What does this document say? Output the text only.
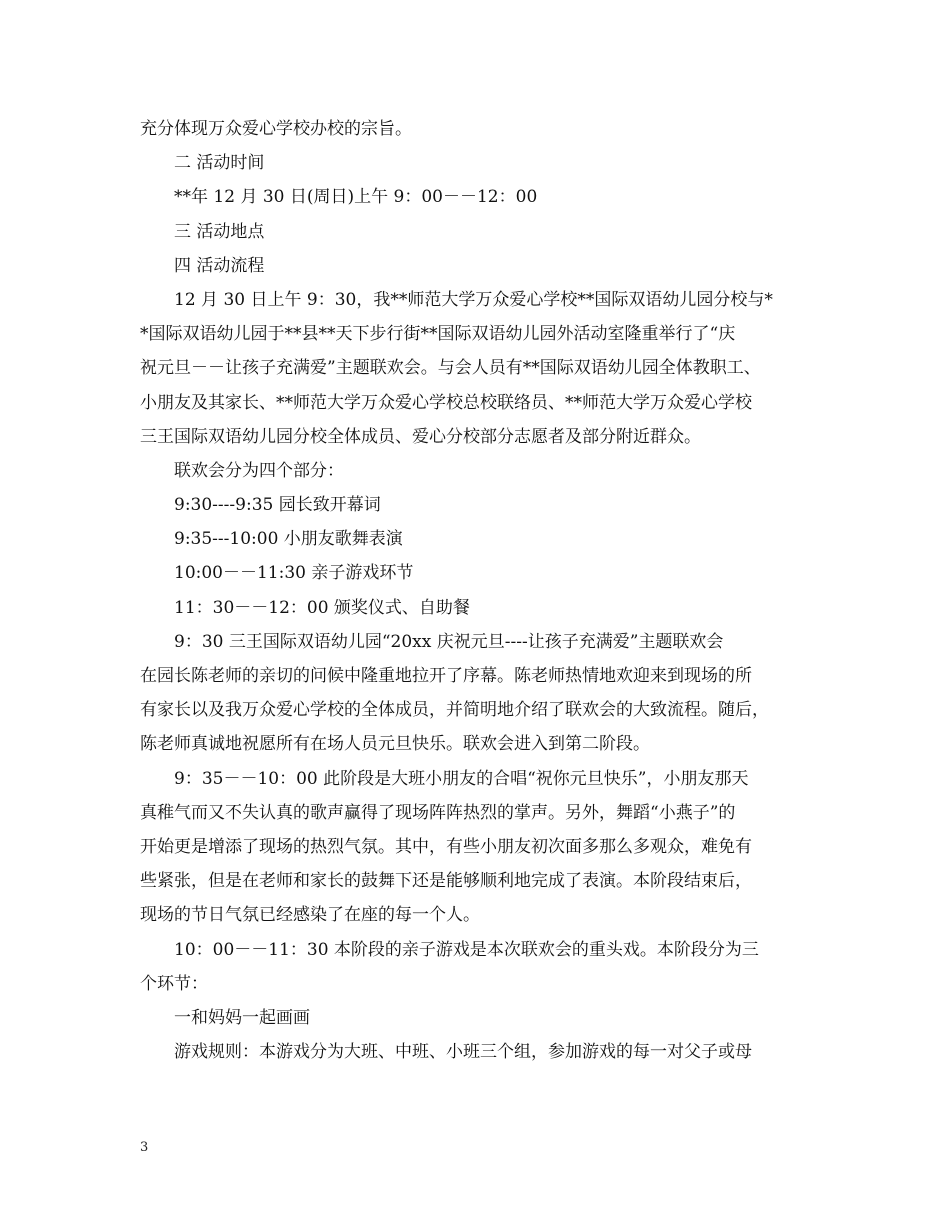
充分体现万众爱心学校办校的宗旨。
二 活动时间
**年 12 月 30 日(周日)上午 9：00－－12：00
三 活动地点
四 活动流程
12 月 30 日上午 9：30，我**师范大学万众爱心学校**国际双语幼儿园分校与*
*国际双语幼儿园于**县**天下步行街**国际双语幼儿园外活动室隆重举行了“庆
祝元旦－－让孩子充满爱”主题联欢会。与会人员有**国际双语幼儿园全体教职工、
小朋友及其家长、**师范大学万众爱心学校总校联络员、**师范大学万众爱心学校
三王国际双语幼儿园分校全体成员、爱心分校部分志愿者及部分附近群众。
联欢会分为四个部分：
9:30----9:35 园长致开幕词
9:35---10:00 小朋友歌舞表演
10:00－－11:30 亲子游戏环节
11：30－－12：00 颁奖仪式、自助餐
9：30 三王国际双语幼儿园“20xx 庆祝元旦----让孩子充满爱”主题联欢会
在园长陈老师的亲切的问候中隆重地拉开了序幕。陈老师热情地欢迎来到现场的所
有家长以及我万众爱心学校的全体成员，并简明地介绍了联欢会的大致流程。随后，
陈老师真诚地祝愿所有在场人员元旦快乐。联欢会进入到第二阶段。
9：35－－10：00 此阶段是大班小朋友的合唱“祝你元旦快乐”，小朋友那天
真稚气而又不失认真的歌声赢得了现场阵阵热烈的掌声。另外，舞蹈“小燕子”的
开始更是增添了现场的热烈气氛。其中，有些小朋友初次面多那么多观众，难免有
些紧张，但是在老师和家长的鼓舞下还是能够顺利地完成了表演。本阶段结束后，
现场的节日气氛已经感染了在座的每一个人。
10：00－－11：30 本阶段的亲子游戏是本次联欢会的重头戏。本阶段分为三
个环节：
一和妈妈一起画画
游戏规则：本游戏分为大班、中班、小班三个组，参加游戏的每一对父子或母
3
